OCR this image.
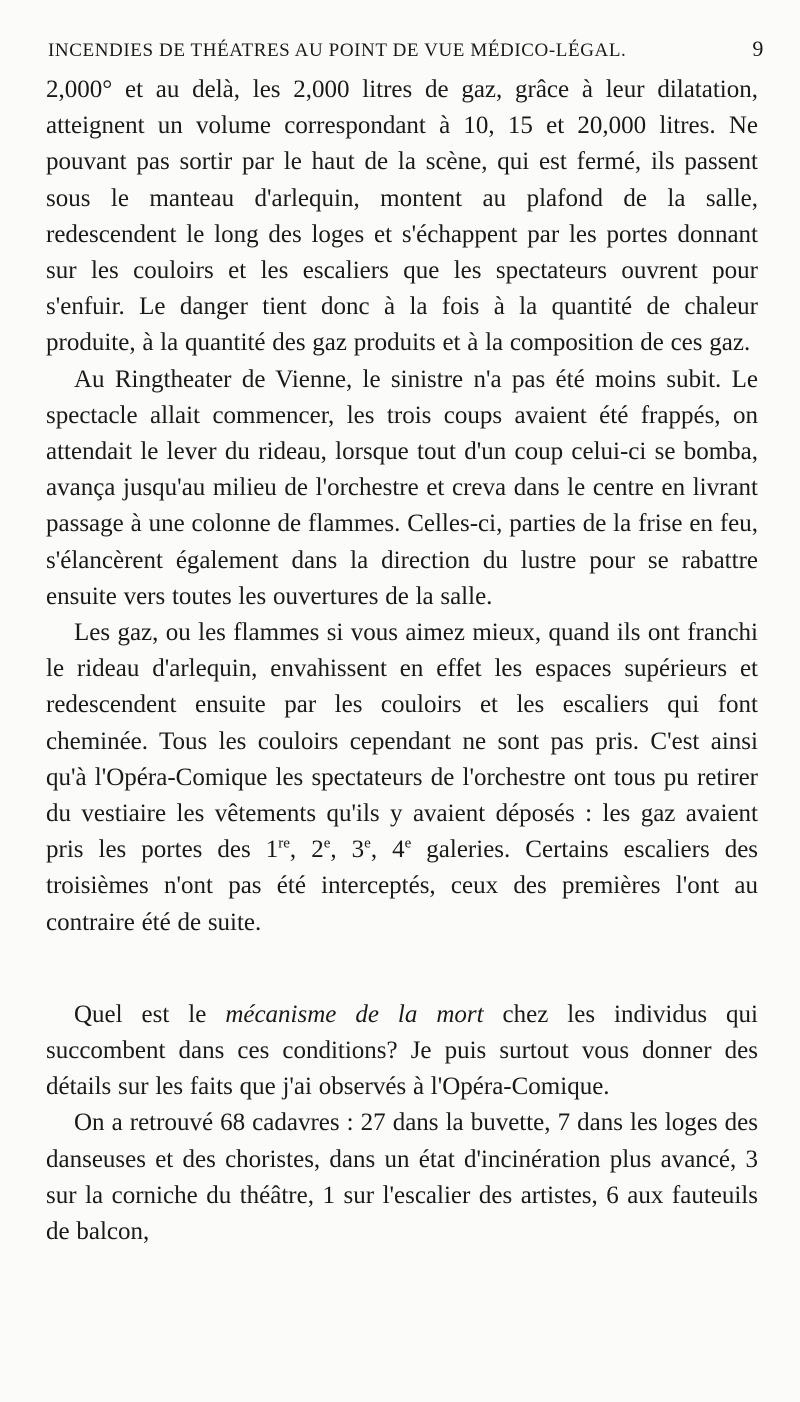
INCENDIES DE THÉATRES AU POINT DE VUE MÉDICO-LÉGAL.	9

2,000° et au delà, les 2,000 litres de gaz, grâce à leur dilatation, atteignent un volume correspondant à 10, 15 et 20,000 litres. Ne pouvant pas sortir par le haut de la scène, qui est fermé, ils passent sous le manteau d'arlequin, montent au plafond de la salle, redescendent le long des loges et s'échappent par les portes donnant sur les couloirs et les escaliers que les spectateurs ouvrent pour s'enfuir. Le danger tient donc à la fois à la quantité de chaleur produite, à la quantité des gaz produits et à la composition de ces gaz.

Au Ringtheater de Vienne, le sinistre n'a pas été moins subit. Le spectacle allait commencer, les trois coups avaient été frappés, on attendait le lever du rideau, lorsque tout d'un coup celui-ci se bomba, avança jusqu'au milieu de l'orchestre et creva dans le centre en livrant passage à une colonne de flammes. Celles-ci, parties de la frise en feu, s'élancèrent également dans la direction du lustre pour se rabattre ensuite vers toutes les ouvertures de la salle.

Les gaz, ou les flammes si vous aimez mieux, quand ils ont franchi le rideau d'arlequin, envahissent en effet les espaces supérieurs et redescendent ensuite par les couloirs et les escaliers qui font cheminée. Tous les couloirs cependant ne sont pas pris. C'est ainsi qu'à l'Opéra-Comique les spectateurs de l'orchestre ont tous pu retirer du vestiaire les vêtements qu'ils y avaient déposés : les gaz avaient pris les portes des 1re, 2e, 3e, 4e galeries. Certains escaliers des troisièmes n'ont pas été interceptés, ceux des premières l'ont au contraire été de suite.

Quel est le mécanisme de la mort chez les individus qui succombent dans ces conditions? Je puis surtout vous donner des détails sur les faits que j'ai observés à l'Opéra-Comique.

On a retrouvé 68 cadavres : 27 dans la buvette, 7 dans les loges des danseuses et des choristes, dans un état d'incinération plus avancé, 3 sur la corniche du théâtre, 1 sur l'escalier des artistes, 6 aux fauteuils de balcon,
